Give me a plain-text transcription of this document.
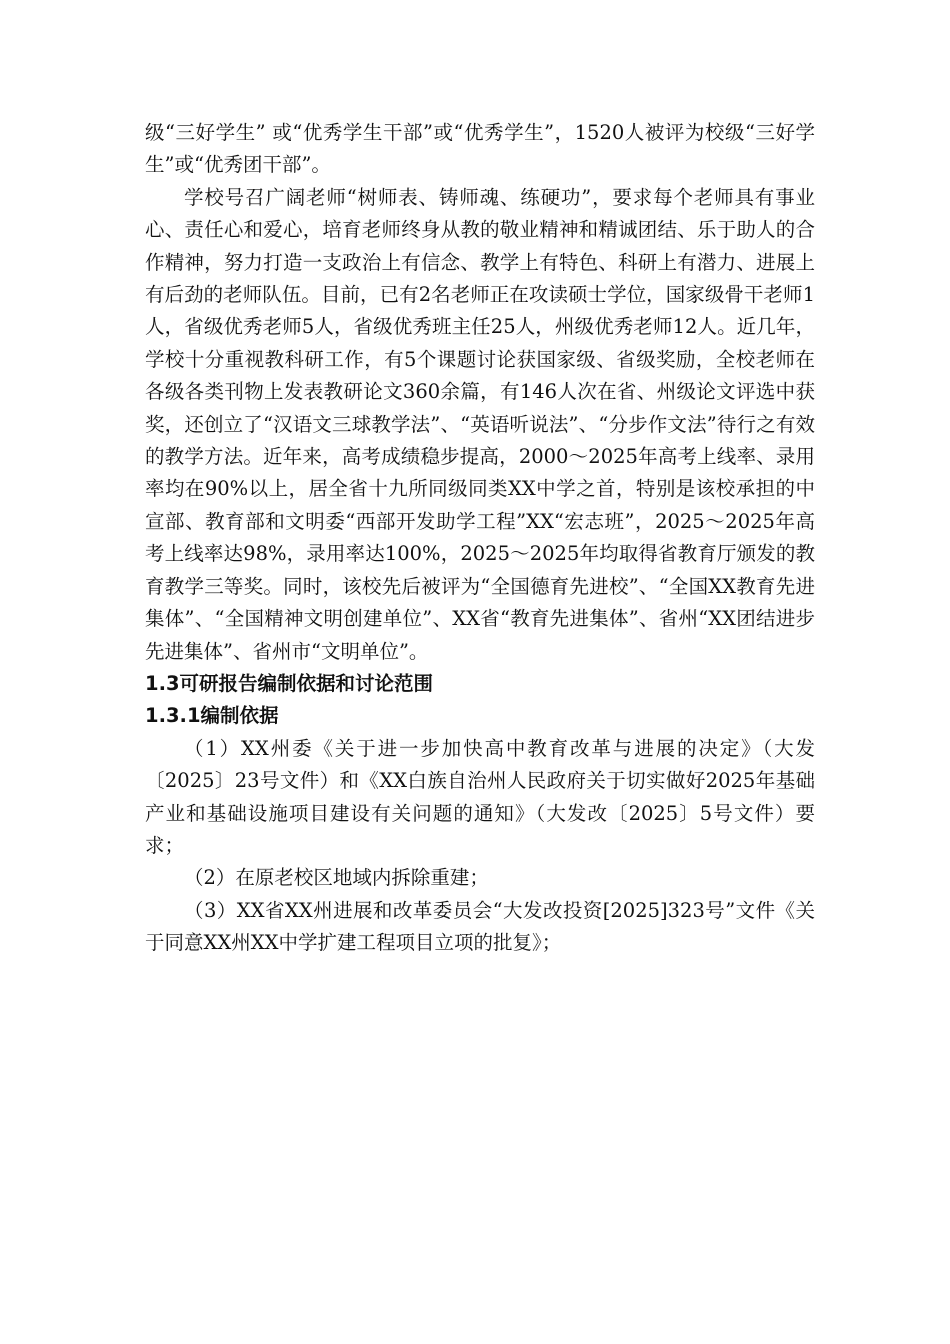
级“三好学生” 或“优秀学生干部”或“优秀学生”，1520人被评为校级“三好学生”或“优秀团干部”。

学校号召广阔老师“树师表、铸师魂、练硬功”，要求每个老师具有事业心、责任心和爱心，培育老师终身从教的敬业精神和精诚团结、乐于助人的合作精神，努力打造一支政治上有信念、教学上有特色、科研上有潜力、进展上有后劲的老师队伍。目前，已有2名老师正在攻读硕士学位，国家级骨干老师1 人，省级优秀老师5人，省级优秀班主任25人，州级优秀老师12人。近几年，学校十分重视教科研工作，有5个课题讨论获国家级、省级奖励，全校老师在各级各类刊物上发表教研论文360余篇，有146人次在省、州级论文评选中获奖，还创立了“汉语文三球教学法”、“英语听说法”、“分步作文法”待行之有效的教学方法。近年来，高考成绩稳步提高，2000～2025年高考上线率、录用率均在90%以上，居全省十九所同级同类XX中学之首，特别是该校承担的中宣部、教育部和文明委“西部开发助学工程”XX“宏志班”，2025～2025年高考上线率达98%，录用率达100%，2025～2025年均取得省教育厅颁发的教育教学三等奖。同时，该校先后被评为“全国德育先进校”、“全国XX教育先进集体”、“全国精神文明创建单位”、XX省“教育先进集体”、省州“XX团结进步先进集体”、省州市“文明单位”。

1.3可研报告编制依据和讨论范围
1.3.1编制依据

（1）XX州委《关于进一步加快高中教育改革与进展的决定》（大发〔2025〕23号文件）和《XX白族自治州人民政府关于切实做好2025年基础产业和基础设施项目建设有关问题的通知》（大发改〔2025〕5号文件）要求；

（2）在原老校区地域内拆除重建；

（3）XX省XX州进展和改革委员会“大发改投资[2025]323号”文件《关于同意XX州XX中学扩建工程项目立项的批复》；
